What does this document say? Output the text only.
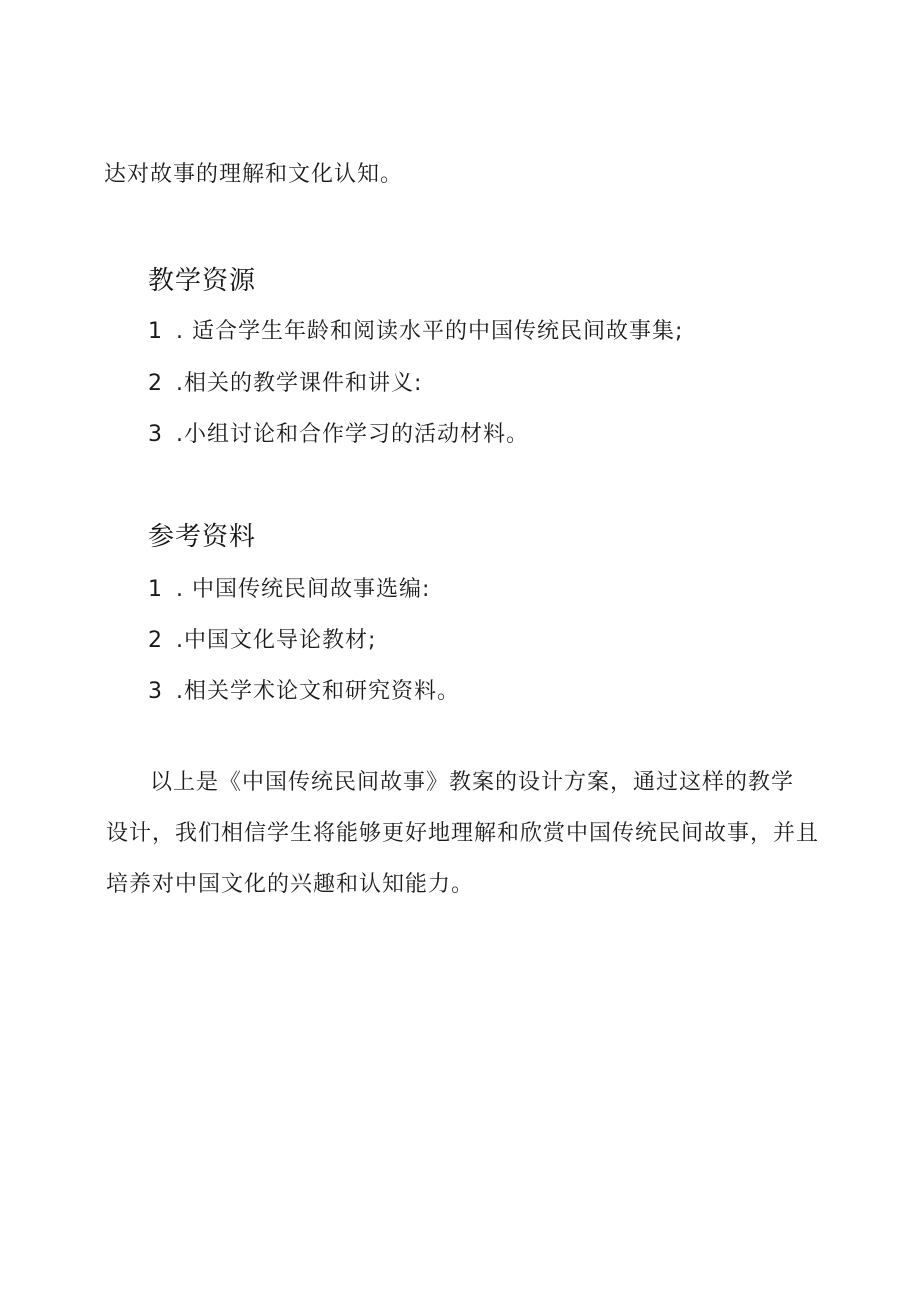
达对故事的理解和文化认知。
教学资源
1 . 适合学生年龄和阅读水平的中国传统民间故事集;
2 .相关的教学课件和讲义:
3 .小组讨论和合作学习的活动材料。
参考资料
1 . 中国传统民间故事选编:
2 .中国文化导论教材;
3 .相关学术论文和研究资料。
以上是《中国传统民间故事》教案的设计方案，通过这样的教学
设计，我们相信学生将能够更好地理解和欣赏中国传统民间故事，并且
培养对中国文化的兴趣和认知能力。
